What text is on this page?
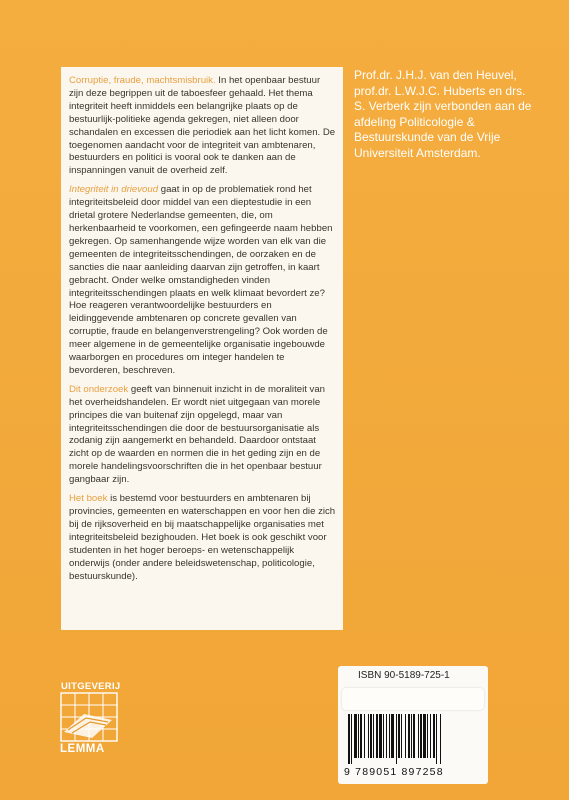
Corruptie, fraude, machtsmisbruik. In het openbaar bestuur zijn deze begrippen uit de taboesfeer gehaald. Het thema integriteit heeft inmiddels een belangrijke plaats op de bestuurlijk-politieke agenda gekregen, niet alleen door schandalen en excessen die periodiek aan het licht komen. De toegenomen aandacht voor de integriteit van ambtenaren, bestuurders en politici is vooral ook te danken aan de inspanningen vanuit de overheid zelf.

Integriteit in drievoud gaat in op de problematiek rond het integriteitsbeleid door middel van een dieptestudie in een drietal grotere Nederlandse gemeenten, die, om herkenbaarheid te voorkomen, een gefingeerde naam hebben gekregen. Op samenhangende wijze worden van elk van die gemeenten de integriteitsschendingen, de oorzaken en de sancties die naar aanleiding daarvan zijn getroffen, in kaart gebracht. Onder welke omstandigheden vinden integriteitsschendingen plaats en welk klimaat bevordert ze? Hoe reageren verantwoordelijke bestuurders en leidinggevende ambtenaren op concrete gevallen van corruptie, fraude en belangenverstrengeling? Ook worden de meer algemene in de gemeentelijke organisatie ingebouwde waarborgen en procedures om integer handelen te bevorderen, beschreven.

Dit onderzoek geeft van binnenuit inzicht in de moraliteit van het overheidshandelen. Er wordt niet uitgegaan van morele principes die van buitenaf zijn opgelegd, maar van integriteitsschendingen die door de bestuursorganisatie als zodanig zijn aangemerkt en behandeld. Daardoor ontstaat zicht op de waarden en normen die in het geding zijn en de morele handelingsvoorschriften die in het openbaar bestuur gangbaar zijn.

Het boek is bestemd voor bestuurders en ambtenaren bij provincies, gemeenten en waterschappen en voor hen die zich bij de rijksoverheid en bij maatschappelijke organisaties met integriteitsbeleid bezighouden. Het boek is ook geschikt voor studenten in het hoger beroeps- en wetenschappelijk onderwijs (onder andere beleidswetenschap, politicologie, bestuurskunde).

Prof.dr. J.H.J. van den Heuvel, prof.dr. L.W.J.C. Huberts en drs. S. Verberk zijn verbonden aan de afdeling Politicologie & Bestuurskunde van de Vrije Universiteit Amsterdam.
UITGEVERIJ
LEMMA
ISBN 90-5189-725-1
9 789051 897258
